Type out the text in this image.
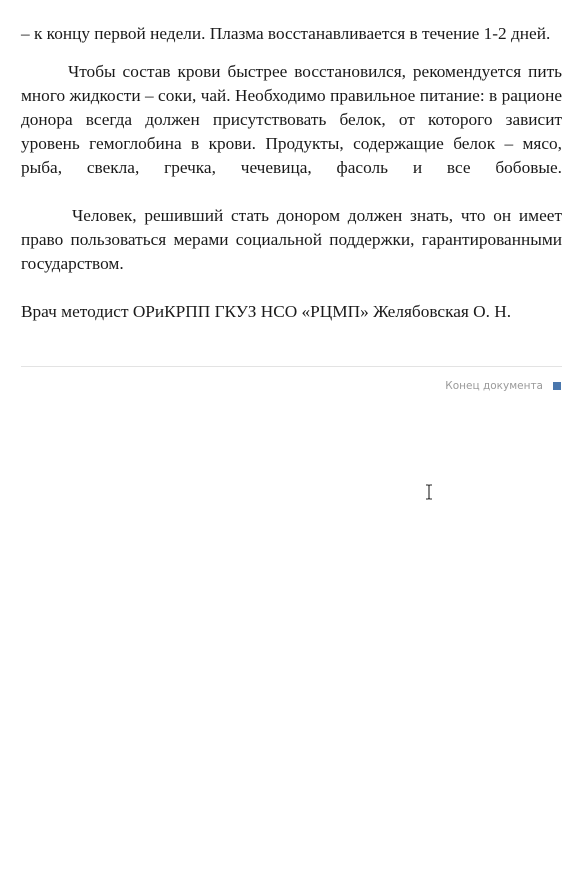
– к концу первой недели. Плазма восстанавливается в течение 1-2 дней.

Чтобы состав крови быстрее восстановился, рекомендуется пить много жидкости – соки, чай. Необходимо правильное питание: в рационе донора всегда должен присутствовать белок, от которого зависит уровень гемоглобина в крови. Продукты, содержащие белок – мясо, рыба, свекла, гречка, чечевица, фасоль и все бобовые.

Человек, решивший стать донором должен знать, что он имеет право пользоваться мерами социальной поддержки, гарантированными государством.

Врач методист ОРиКРПП ГКУЗ НСО «РЦМП» Желябовская О. Н.

Конец документа
